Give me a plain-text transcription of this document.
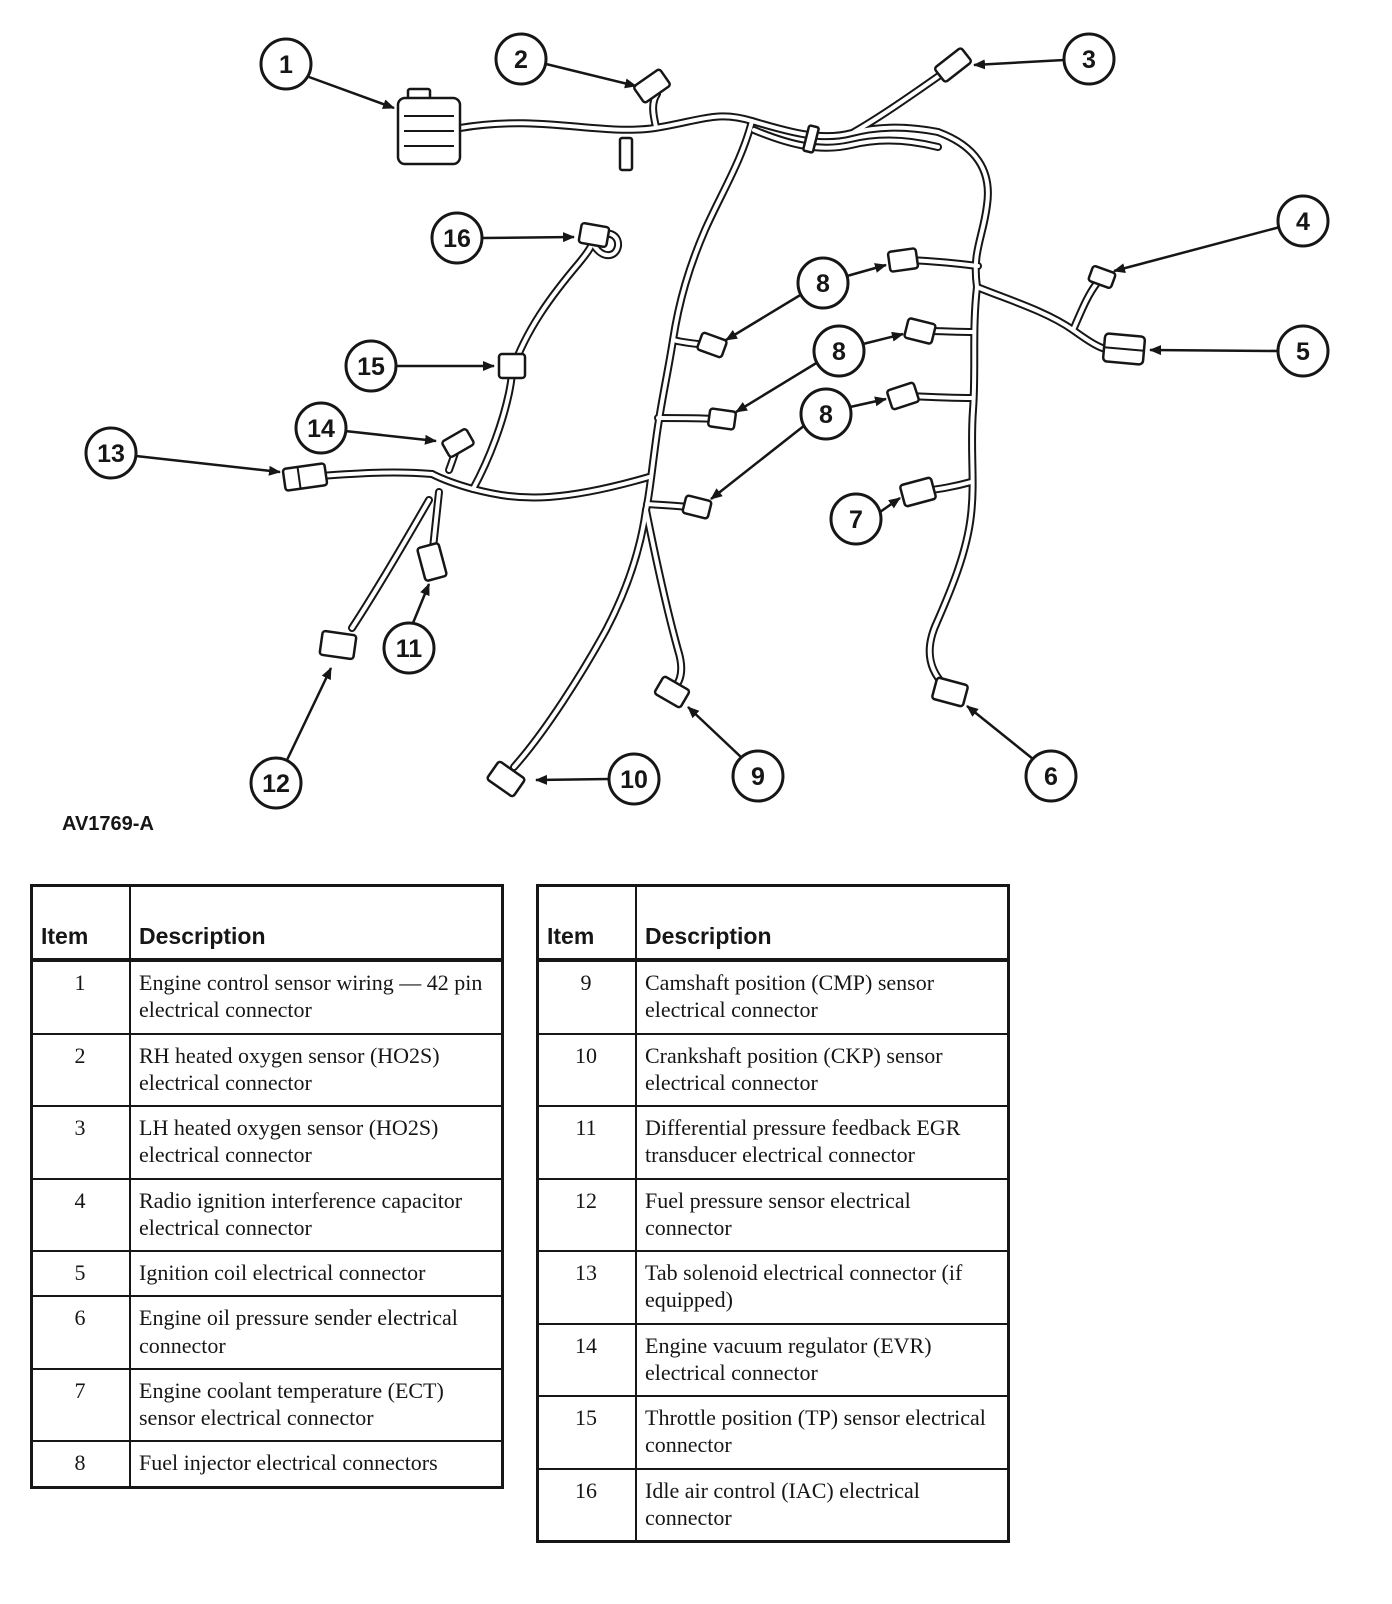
1	2	3
4
5
6
7
8
8
8
9
10
11
12
13
14
15
16
AV1769-A
Item	Description
1	Engine control sensor wiring — 42 pin electrical connector
2	RH heated oxygen sensor (HO2S) electrical connector
3	LH heated oxygen sensor (HO2S) electrical connector
4	Radio ignition interference capacitor electrical connector
5	Ignition coil electrical connector
6	Engine oil pressure sender electrical connector
7	Engine coolant temperature (ECT) sensor electrical connector
8	Fuel injector electrical connectors
Item	Description
9	Camshaft position (CMP) sensor electrical connector
10	Crankshaft position (CKP) sensor electrical connector
11	Differential pressure feedback EGR transducer electrical connector
12	Fuel pressure sensor electrical connector
13	Tab solenoid electrical connector (if equipped)
14	Engine vacuum regulator (EVR) electrical connector
15	Throttle position (TP) sensor electrical connector
16	Idle air control (IAC) electrical connector
